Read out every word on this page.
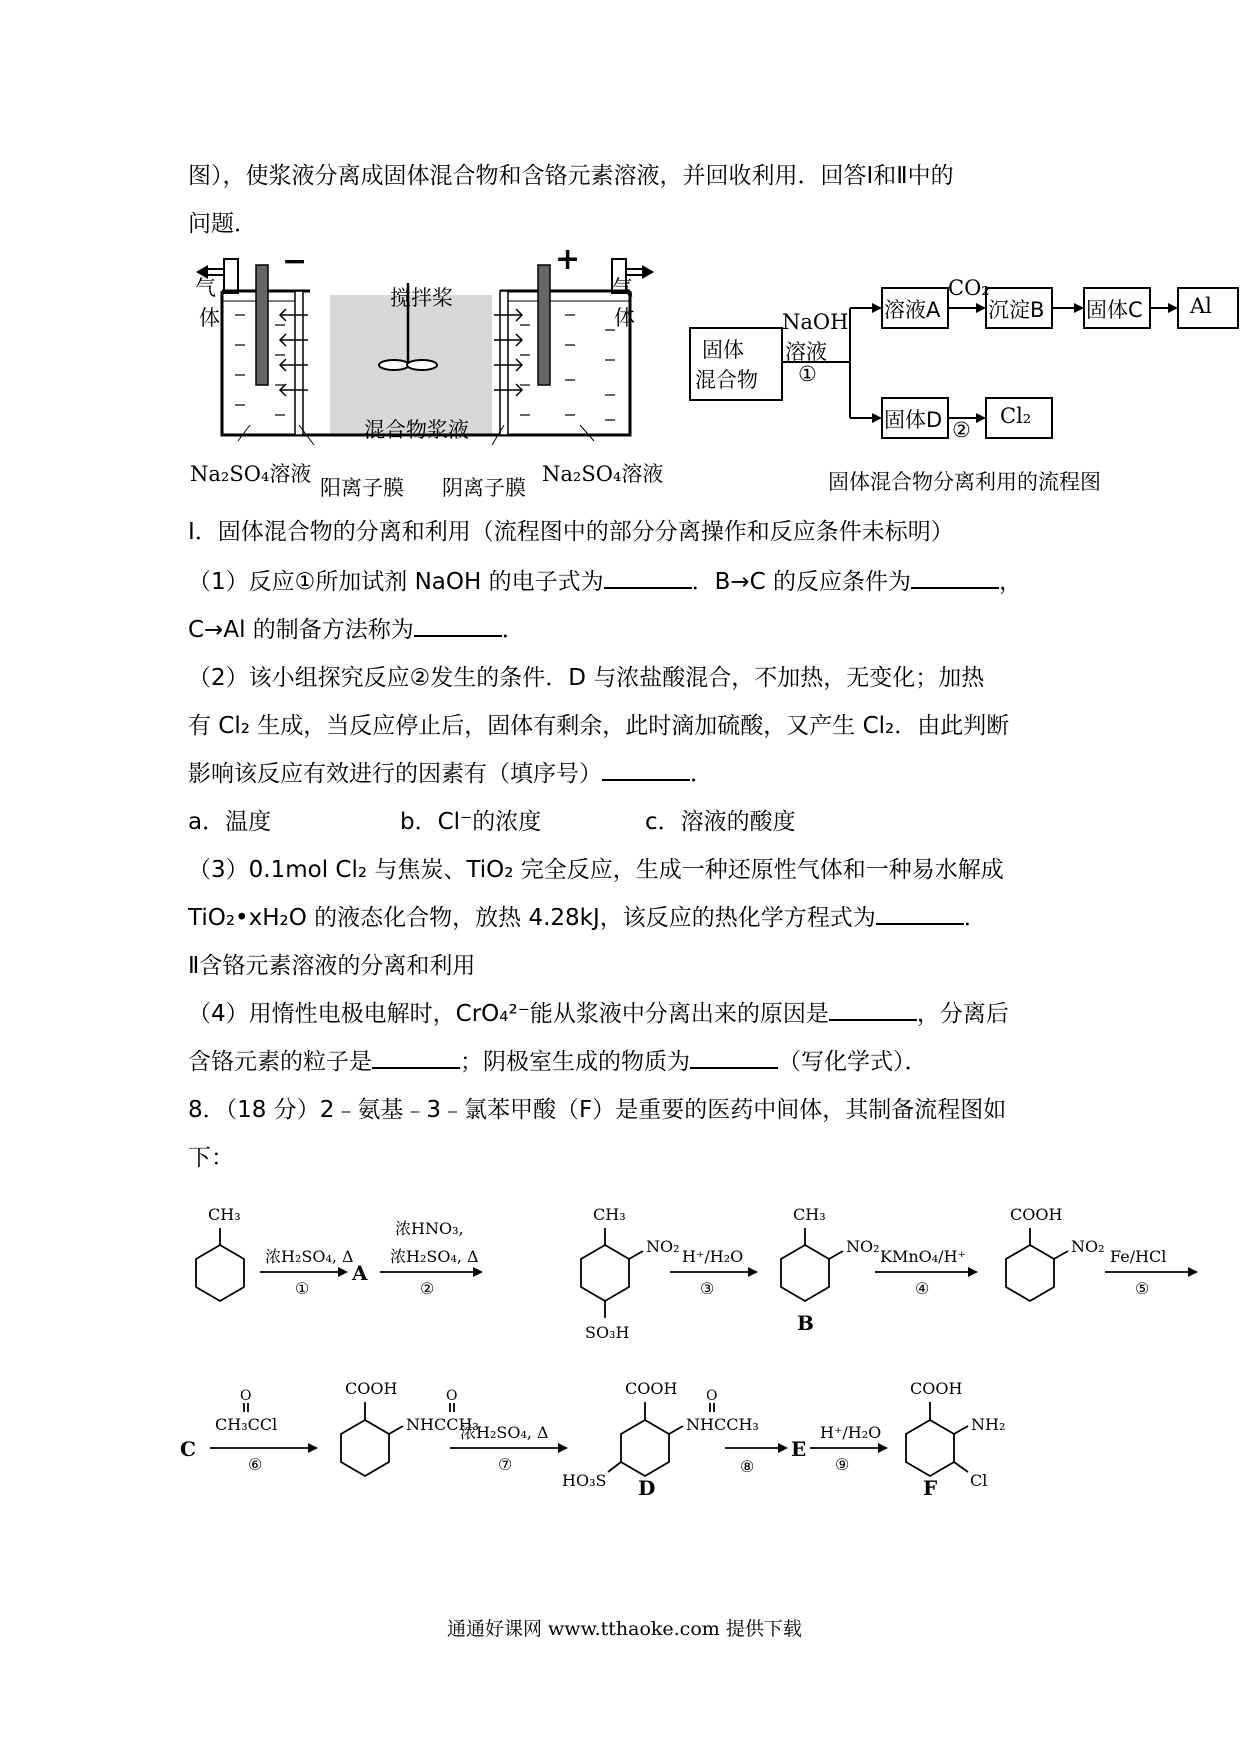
图），使浆液分离成固体混合物和含铬元素溶液，并回收利用．回答Ⅰ和Ⅱ中的
问题．
气
体
气
体
−	+
搅拌桨
混合物浆液
Na₂SO₄溶液
阳离子膜 阴离子膜
Na₂SO₄溶液
固体
混合物
NaOH
溶液
①
溶液A
CO₂
沉淀B 固体C Al
固体D ②
Cl₂
固体混合物分离利用的流程图
Ⅰ．固体混合物的分离和利用（流程图中的部分分离操作和反应条件未标明）
（1）反应①所加试剂 NaOH 的电子式为	．B→C 的反应条件为	，
C→Al 的制备方法称为	．
（2）该小组探究反应②发生的条件．D 与浓盐酸混合，不加热，无变化；加热
有 Cl₂ 生成，当反应停止后，固体有剩余，此时滴加硫酸，又产生 Cl₂．由此判断
影响该反应有效进行的因素有（填序号）	．
a．温度	b．Cl⁻的浓度	c．溶液的酸度
（3）0.1mol Cl₂ 与焦炭、TiO₂ 完全反应，生成一种还原性气体和一种易水解成
TiO₂•xH₂O 的液态化合物，放热 4.28kJ，该反应的热化学方程式为	．
Ⅱ含铬元素溶液的分离和利用
（4）用惰性电极电解时，CrO₄²⁻能从浆液中分离出来的原因是	，分离后
含铬元素的粒子是	；阴极室生成的物质为	（写化学式）．
8．（18 分）2﹣氨基﹣3﹣氯苯甲酸（F）是重要的医药中间体，其制备流程图如
下：
CH₃
浓H₂SO₄, Δ
①
A
浓HNO₃,
浓H₂SO₄, Δ
②
CH₃
NO₂
SO₃H
H⁺/H₂O
③
CH₃
NO₂
B
KMnO₄/H⁺
④
COOH
NO₂
Fe/HCl
⑤
C
O
CH₃CCl
⑥
COOH	O
NHCCH₃
浓H₂SO₄, Δ
⑦
COOH O
NHCCH₃
HO₃S D
⑧
E
H⁺/H₂O
⑨
COOH
NH₂
Cl
F
通通好课网 www.tthaoke.com 提供下载
